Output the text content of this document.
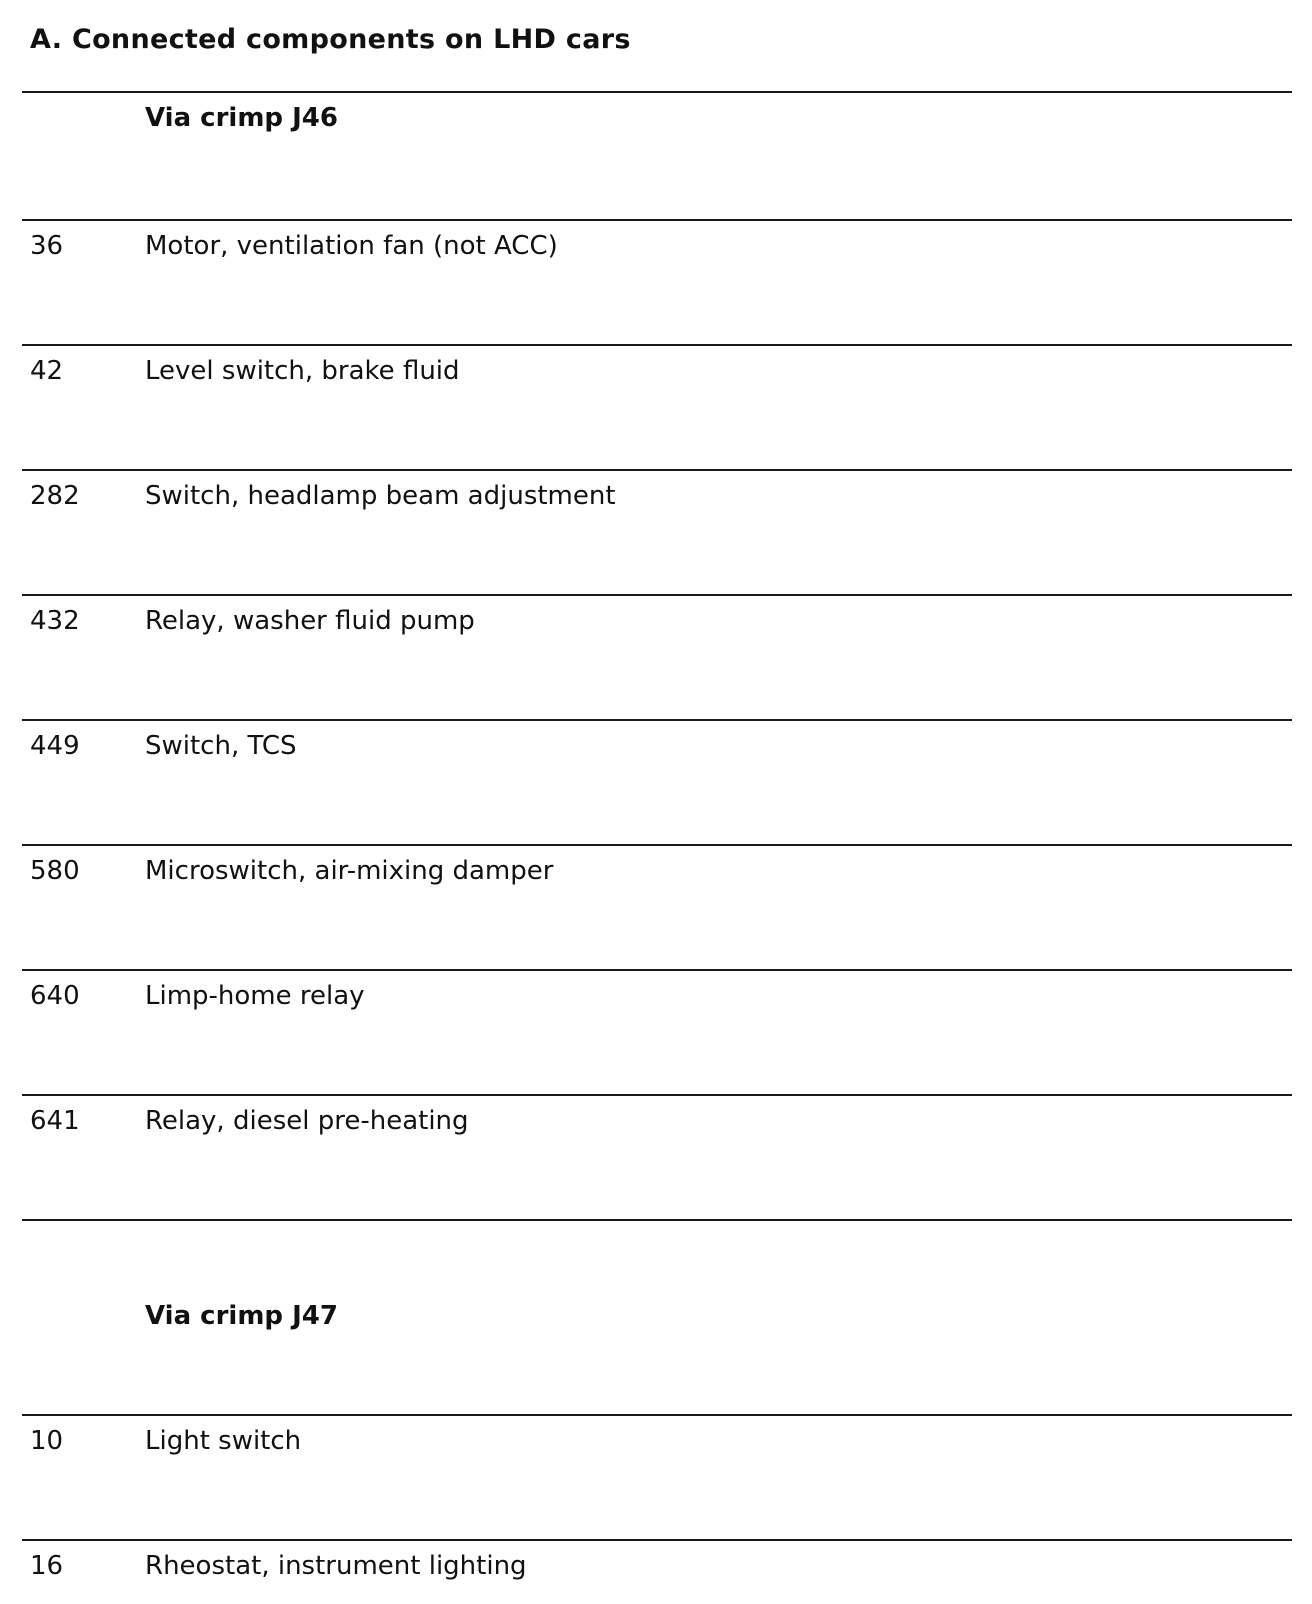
A. Connected components on LHD cars
Via crimp J46
36	Motor, ventilation fan (not ACC)
42	Level switch, brake fluid
282	Switch, headlamp beam adjustment
432	Relay, washer fluid pump
449	Switch, TCS
580	Microswitch, air-mixing damper
640	Limp-home relay
641	Relay, diesel pre-heating
Via crimp J47
10	Light switch
16	Rheostat, instrument lighting
